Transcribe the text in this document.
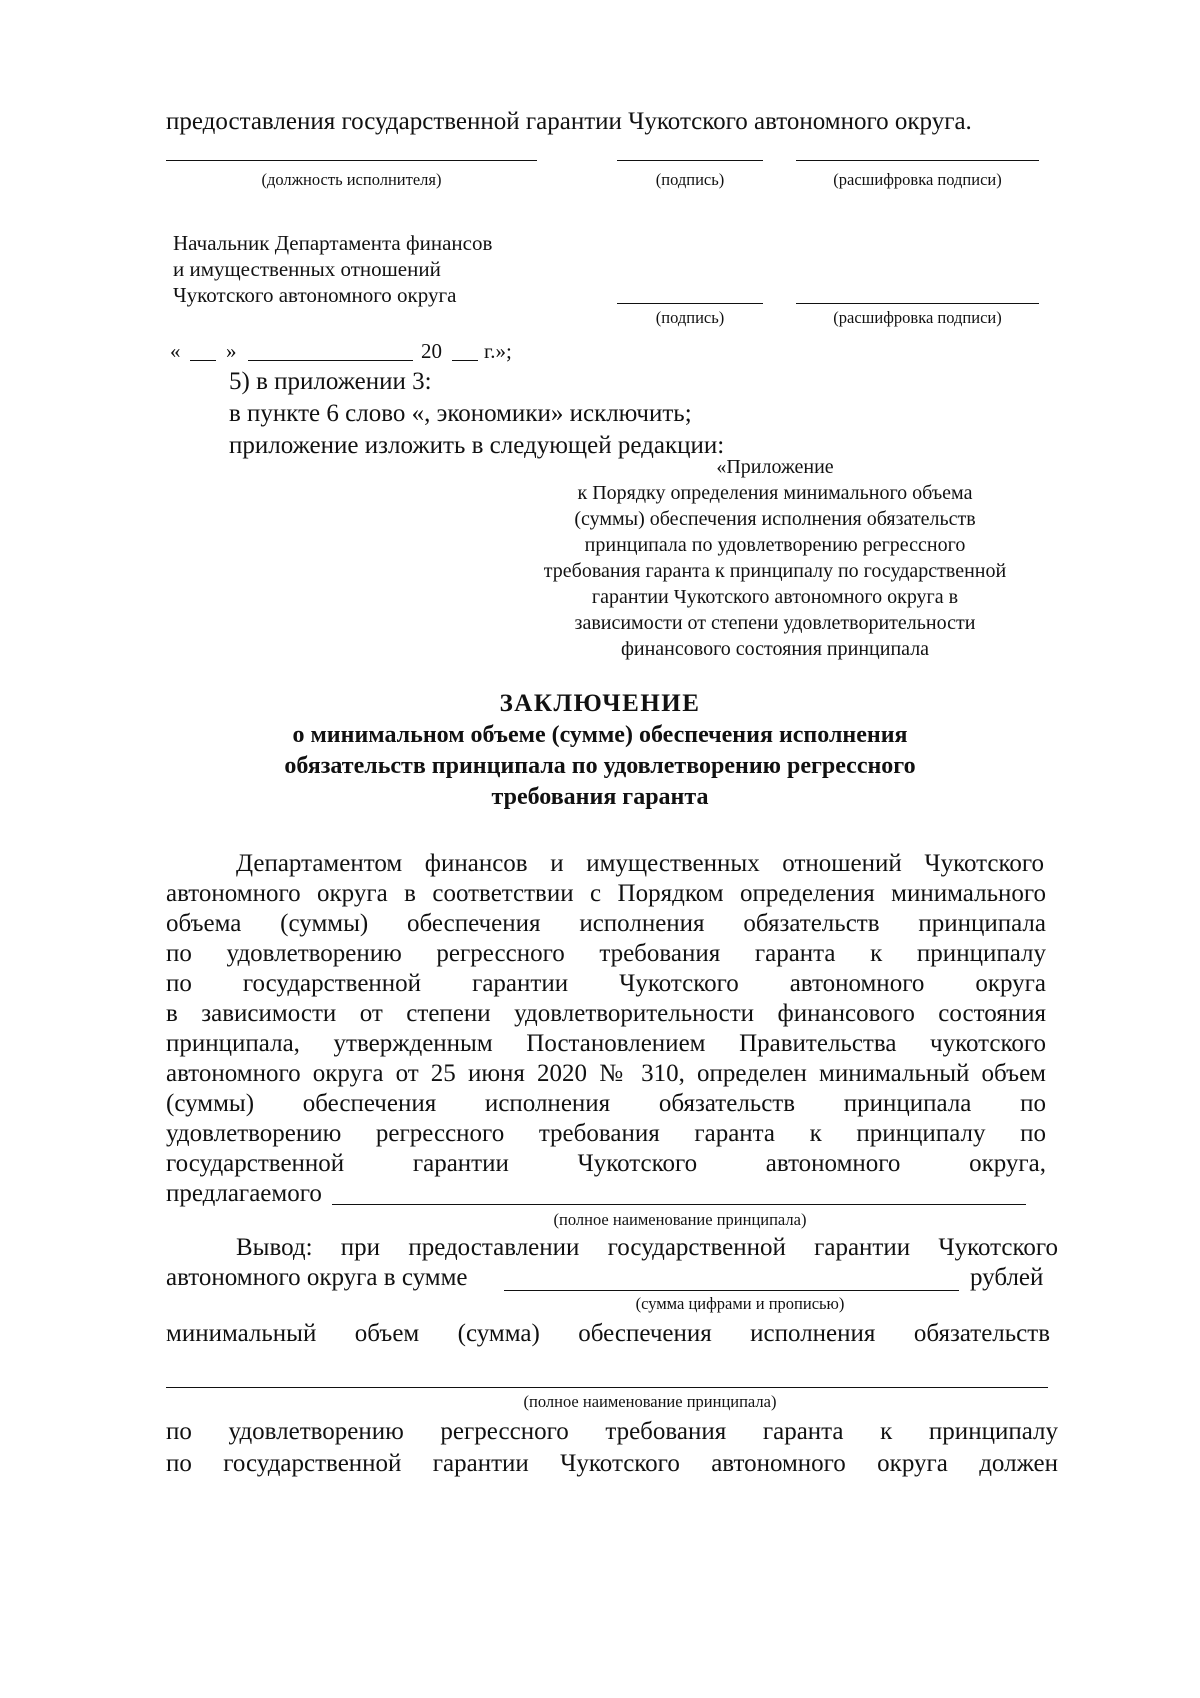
предоставления государственной гарантии Чукотского автономного округа.
(должность исполнителя)	(подпись)	(расшифровка подписи)
Начальник Департамента финансов
и имущественных отношений
Чукотского автономного округа
(подпись)	(расшифровка подписи)
« »	20 г.»;
5) в приложении 3:
в пункте 6 слово «, экономики» исключить;
приложение изложить в следующей редакции:
«Приложение
к Порядку определения минимального объема
(суммы) обеспечения исполнения обязательств
принципала по удовлетворению регрессного
требования гаранта к принципалу по государственной
гарантии Чукотского автономного округа в
зависимости от степени удовлетворительности
финансового состояния принципала
ЗАКЛЮЧЕНИЕ
о минимальном объеме (сумме) обеспечения исполнения
обязательств принципала по удовлетворению регрессного
требования гаранта
Департаментом финансов и имущественных отношений Чукотского
автономного округа в соответствии с Порядком определения минимального
объема (суммы) обеспечения исполнения обязательств принципала
по удовлетворению регрессного требования гаранта к принципалу
по государственной гарантии Чукотского автономного округа
в зависимости от степени удовлетворительности финансового состояния
принципала, утвержденным Постановлением Правительства чукотского
автономного округа от 25 июня 2020 № 310, определен минимальный объем
(суммы) обеспечения исполнения обязательств принципала по
удовлетворению регрессного требования гаранта к принципалу по
государственной гарантии Чукотского автономного округа,
предлагаемого
(полное наименование принципала)
Вывод: при предоставлении государственной гарантии Чукотского
автономного округа в сумме	рублей
(сумма цифрами и прописью)
минимальный объем (сумма) обеспечения исполнения обязательств
(полное наименование принципала)
по удовлетворению регрессного требования гаранта к принципалу
по государственной гарантии Чукотского автономного округа должен
